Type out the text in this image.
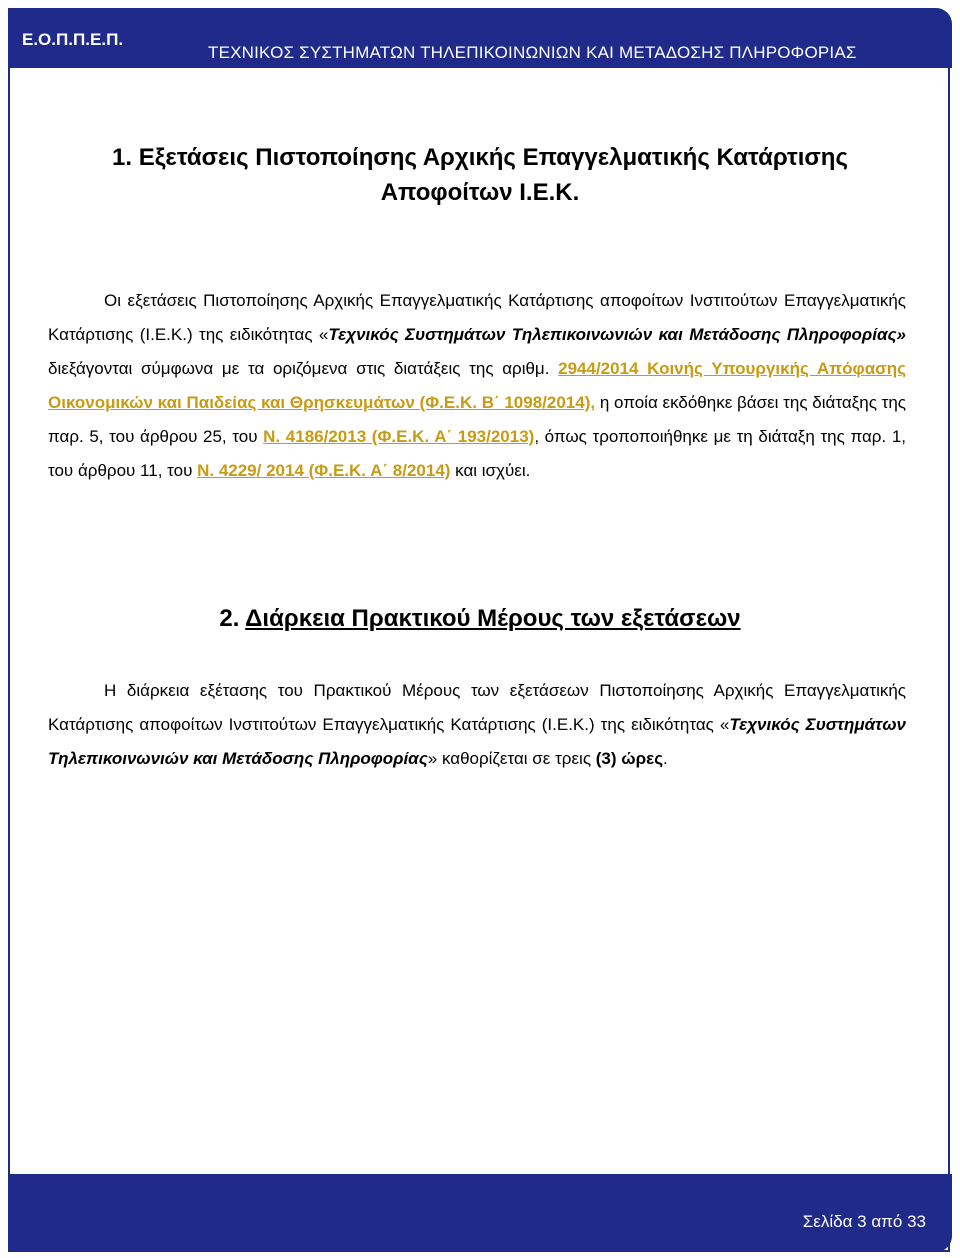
Ε.Ο.Π.Π.Ε.Π.
ΤΕΧΝΙΚΟΣ ΣΥΣΤΗΜΑΤΩΝ ΤΗΛΕΠΙΚΟΙΝΩΝΙΩΝ ΚΑΙ ΜΕΤΑΔΟΣΗΣ ΠΛΗΡΟΦΟΡΙΑΣ
1. Εξετάσεις Πιστοποίησης Αρχικής Επαγγελματικής Κατάρτισης
Αποφοίτων Ι.Ε.Κ.

Οι εξετάσεις Πιστοποίησης Αρχικής Επαγγελματικής Κατάρτισης αποφοίτων Ινστιτούτων Επαγγελματικής Κατάρτισης (Ι.Ε.Κ.) της ειδικότητας «Τεχνικός Συστημάτων Τηλεπικοινωνιών και Μετάδοσης Πληροφορίας» διεξάγονται σύμφωνα με τα οριζόμενα στις διατάξεις της αριθμ. 2944/2014 Κοινής Υπουργικής Απόφασης Οικονομικών και Παιδείας και Θρησκευμάτων (Φ.Ε.Κ. Β΄ 1098/2014), η οποία εκδόθηκε βάσει της διάταξης της παρ. 5, του άρθρου 25, του Ν. 4186/2013 (Φ.Ε.Κ. Α΄ 193/2013), όπως τροποποιήθηκε με τη διάταξη της παρ. 1, του άρθρου 11, του Ν. 4229/ 2014 (Φ.Ε.Κ. Α΄ 8/2014) και ισχύει.

2. Διάρκεια Πρακτικού Μέρους των εξετάσεων

Η διάρκεια εξέτασης του Πρακτικού Μέρους των εξετάσεων Πιστοποίησης Αρχικής Επαγγελματικής Κατάρτισης αποφοίτων Ινστιτούτων Επαγγελματικής Κατάρτισης (Ι.Ε.Κ.) της ειδικότητας «Τεχνικός Συστημάτων Τηλεπικοινωνιών και Μετάδοσης Πληροφορίας» καθορίζεται σε τρεις (3) ώρες.

Σελίδα 3 από 33
